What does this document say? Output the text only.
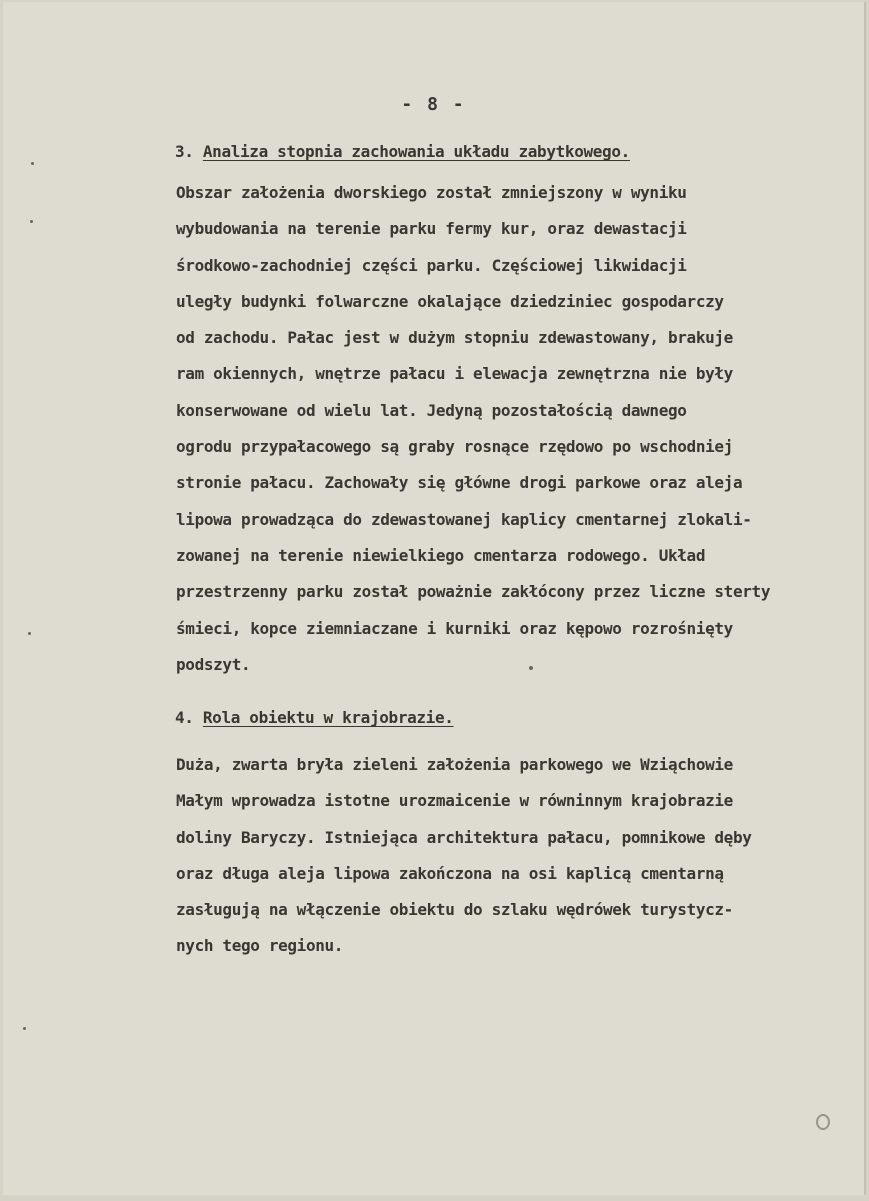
- 8 -
3. Analiza stopnia zachowania układu zabytkowego.
Obszar założenia dworskiego został zmniejszony w wyniku
wybudowania na terenie parku fermy kur, oraz dewastacji
środkowo-zachodniej części parku. Częściowej likwidacji
uległy budynki folwarczne okalające dziedziniec gospodarczy
od zachodu. Pałac jest w dużym stopniu zdewastowany, brakuje
ram okiennych, wnętrze pałacu i elewacja zewnętrzna nie były
konserwowane od wielu lat. Jedyną pozostałością dawnego
ogrodu przypałacowego są graby rosnące rzędowo po wschodniej
stronie pałacu. Zachowały się główne drogi parkowe oraz aleja
lipowa prowadząca do zdewastowanej kaplicy cmentarnej zlokali-
zowanej na terenie niewielkiego cmentarza rodowego. Układ
przestrzenny parku został poważnie zakłócony przez liczne sterty
śmieci, kopce ziemniaczane i kurniki oraz kępowo rozrośnięty
podszyt.
4. Rola obiektu w krajobrazie.
Duża, zwarta bryła zieleni założenia parkowego we Wziąchowie
Małym wprowadza istotne urozmaicenie w równinnym krajobrazie
doliny Baryczy. Istniejąca architektura pałacu, pomnikowe dęby
oraz długa aleja lipowa zakończona na osi kaplicą cmentarną
zasługują na włączenie obiektu do szlaku wędrówek turystycz-
nych tego regionu.
